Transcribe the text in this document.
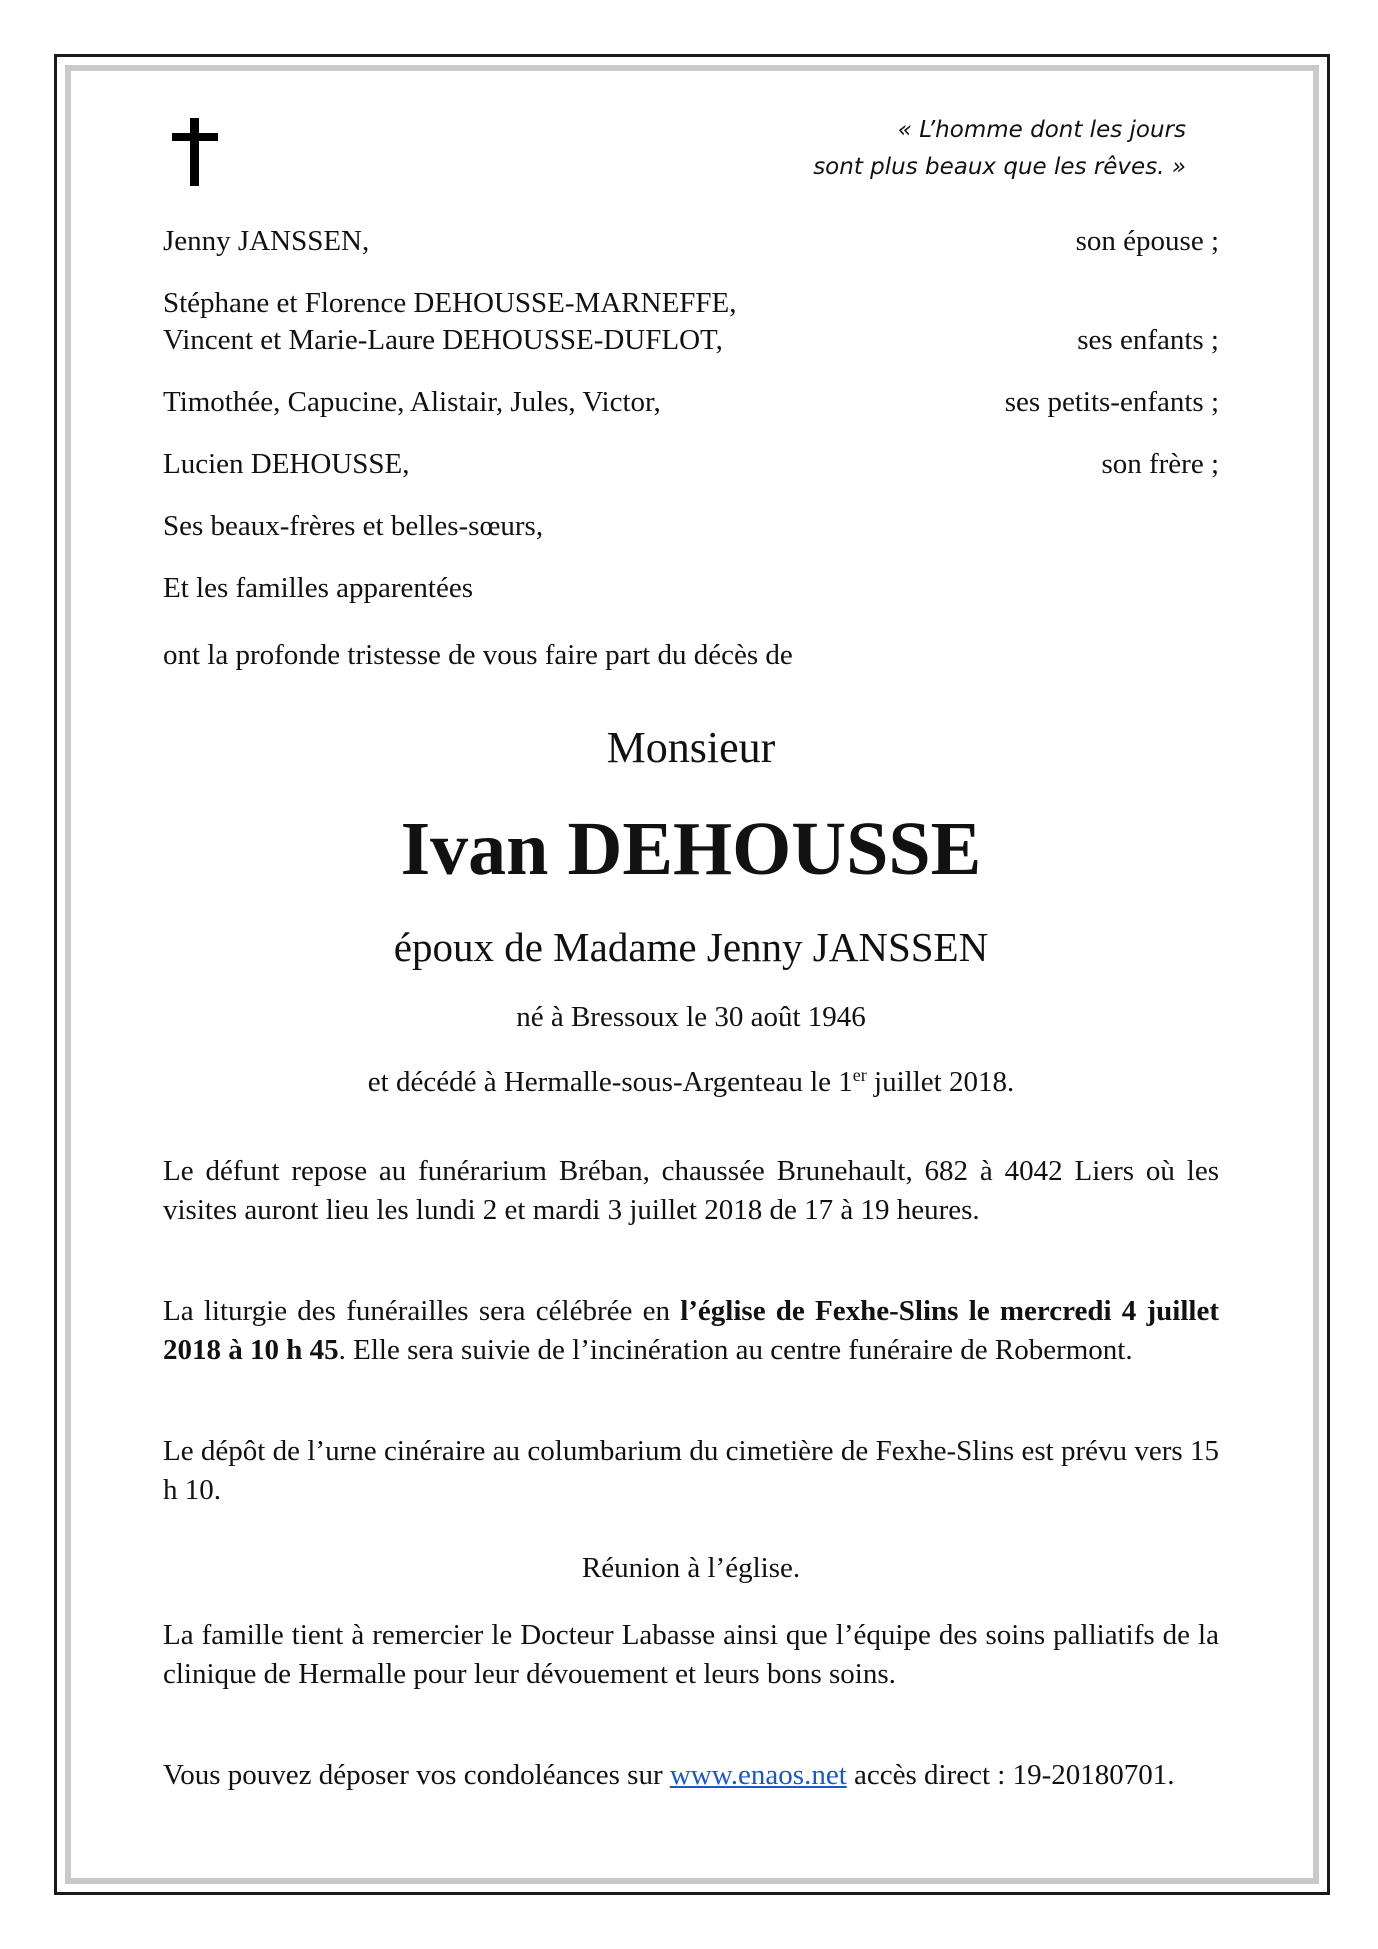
« L’homme dont les jours
sont plus beaux que les rêves. »
Jenny JANSSEN,	son épouse ;
Stéphane et Florence DEHOUSSE-MARNEFFE,
Vincent et Marie-Laure DEHOUSSE-DUFLOT,	ses enfants ;
Timothée, Capucine, Alistair, Jules, Victor,	ses petits-enfants ;
Lucien DEHOUSSE,	son frère ;
Ses beaux-frères et belles-sœurs,
Et les familles apparentées
ont la profonde tristesse de vous faire part du décès de
Monsieur
Ivan DEHOUSSE
époux de Madame Jenny JANSSEN
né à Bressoux le 30 août 1946
et décédé à Hermalle-sous-Argenteau le 1er juillet 2018.
Le défunt repose au funérarium Bréban, chaussée Brunehault, 682 à 4042 Liers où les visites auront lieu les lundi 2 et mardi 3 juillet 2018 de 17 à 19 heures.
La liturgie des funérailles sera célébrée en l’église de Fexhe-Slins le mercredi 4 juillet 2018 à 10 h 45. Elle sera suivie de l’incinération au centre funéraire de Robermont.
Le dépôt de l’urne cinéraire au columbarium du cimetière de Fexhe-Slins est prévu vers 15 h 10.
Réunion à l’église.
La famille tient à remercier le Docteur Labasse ainsi que l’équipe des soins palliatifs de la clinique de Hermalle pour leur dévouement et leurs bons soins.
Vous pouvez déposer vos condoléances sur www.enaos.net accès direct : 19-20180701.
